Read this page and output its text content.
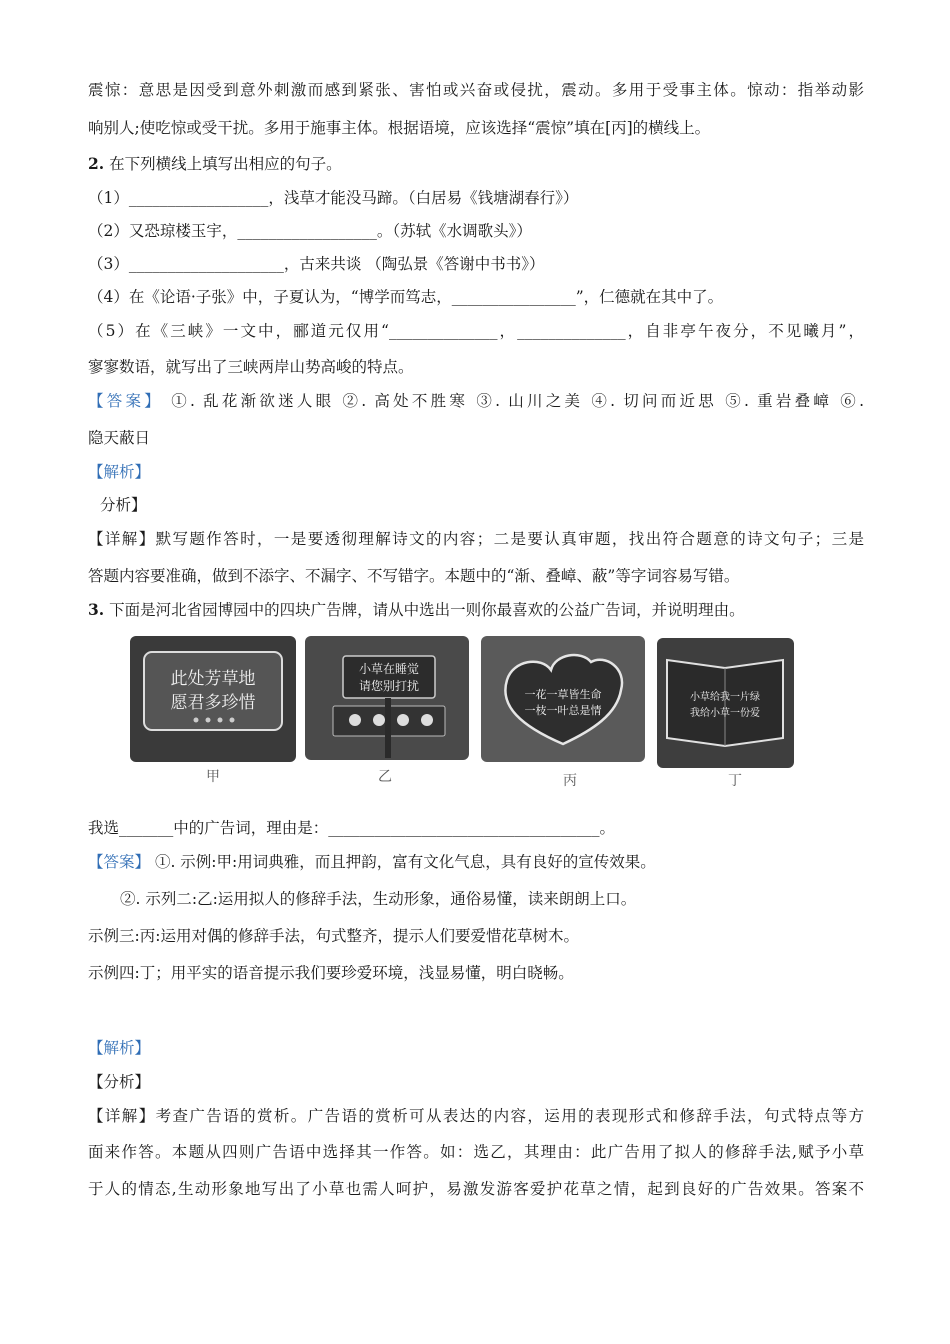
震惊：意思是因受到意外刺激而感到紧张、害怕或兴奋或侵扰，震动。多用于受事主体。惊动：指举动影
响别人;使吃惊或受干扰。多用于施事主体。根据语境，应该选择“震惊”填在[丙]的横线上。
2. 在下列横线上填写出相应的句子。
（1）__________________，浅草才能没马蹄。（白居易《钱塘湖春行》）
（2）又恐琼楼玉宇，__________________。（苏轼《水调歌头》）
（3）____________________，古来共谈 （陶弘景《答谢中书书》）
（4）在《论语·子张》中，子夏认为，“博学而笃志，________________”，仁德就在其中了。
（5）在《三峡》一文中，郦道元仅用“______________，______________，自非亭午夜分，不见曦月”，
寥寥数语，就写出了三峡两岸山势高峻的特点。
【答案】 ①. 乱花渐欲迷人眼 ②. 高处不胜寒 ③. 山川之美 ④. 切问而近思 ⑤. 重岩叠嶂 ⑥.
隐天蔽日
【解析】
分析】
【详解】默写题作答时，一是要透彻理解诗文的内容；二是要认真审题，找出符合题意的诗文句子；三是
答题内容要准确，做到不添字、不漏字、不写错字。本题中的“渐、叠嶂、蔽”等字词容易写错。
3. 下面是河北省园博园中的四块广告牌，请从中选出一则你最喜欢的公益广告词，并说明理由。
此处芳草地
愿君多珍惜
甲
小草在睡觉
请您别打扰
乙
一花一草皆生命
一枝一叶总是情
丙
小草给我一片绿
我给小草一份爱
丁
我选_______中的广告词，理由是：___________________________________。
【答案】 ①. 示例:甲:用词典雅，而且押韵，富有文化气息，具有良好的宣传效果。
②. 示列二:乙:运用拟人的修辞手法，生动形象，通俗易懂，读来朗朗上口。
示例三:丙:运用对偶的修辞手法，句式整齐，提示人们要爱惜花草树木。
示例四:丁；用平实的语音提示我们要珍爱环境，浅显易懂，明白晓畅。
【解析】
【分析】
【详解】考查广告语的赏析。广告语的赏析可从表达的内容，运用的表现形式和修辞手法，句式特点等方
面来作答。本题从四则广告语中选择其一作答。如：选乙，其理由：此广告用了拟人的修辞手法,赋予小草
于人的情态,生动形象地写出了小草也需人呵护，易激发游客爱护花草之情，起到良好的广告效果。答案不
